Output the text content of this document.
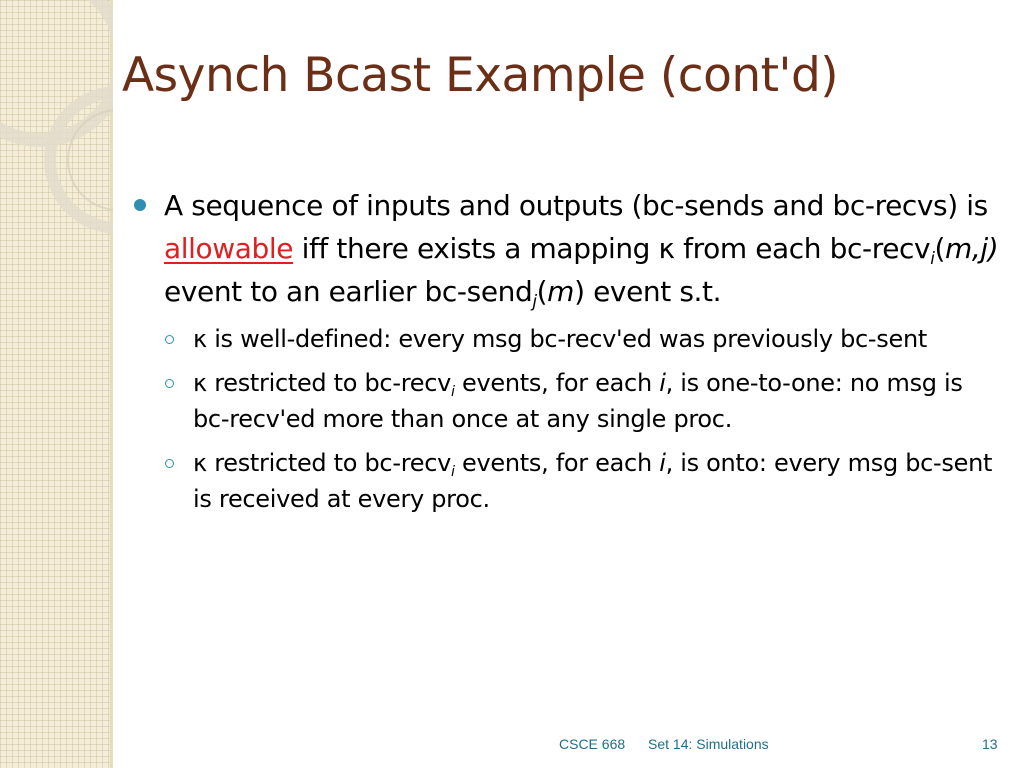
Asynch Bcast Example (cont'd)
A sequence of inputs and outputs (bc-sends and bc-recvs) is allowable iff there exists a mapping κ from each bc-recv$_i$(m,j) event to an earlier bc-send$_j$(m) event s.t.
κ is well-defined: every msg bc-recv'ed was previously bc-sent
κ restricted to bc-recv$_i$ events, for each i, is one-to-one: no msg is bc-recv'ed more than once at any single proc.
κ restricted to bc-recv$_i$ events, for each i, is onto: every msg bc-sent is received at every proc.
CSCE 668 Set 14: Simulations	13
